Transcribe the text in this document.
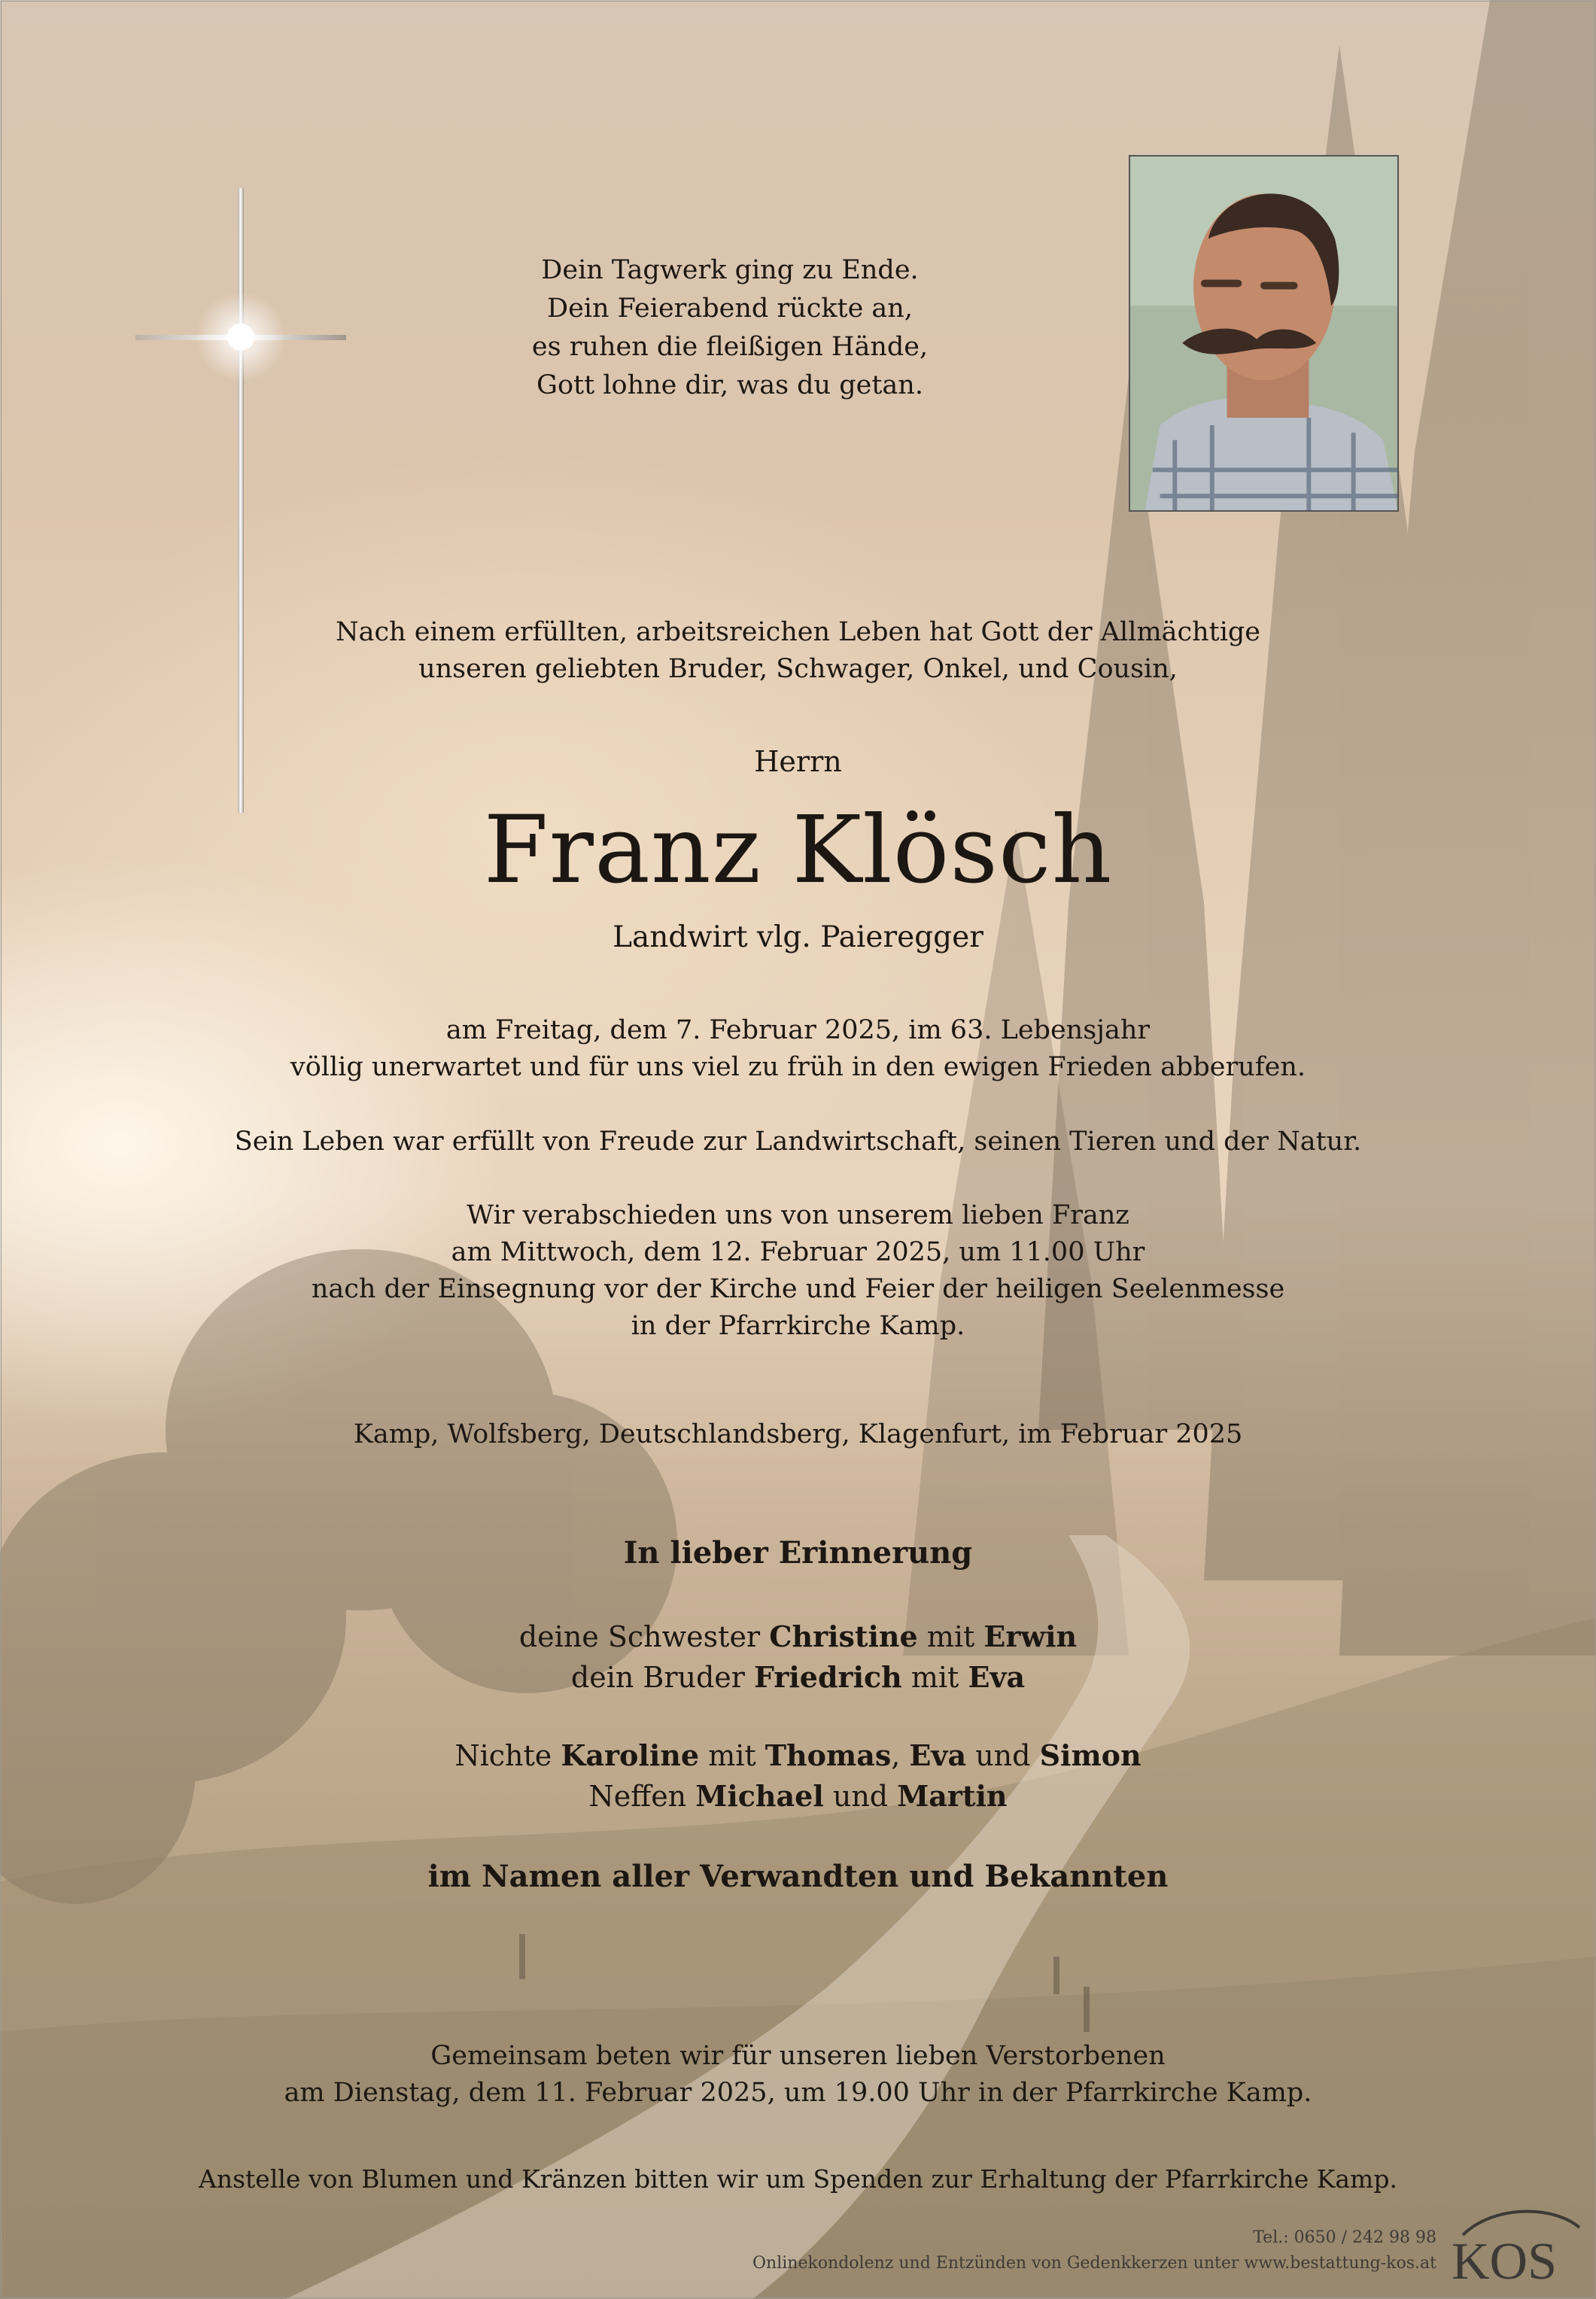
Dein Tagwerk ging zu Ende.
Dein Feierabend rückte an,
es ruhen die fleißigen Hände,
Gott lohne dir, was du getan.
Nach einem erfüllten, arbeitsreichen Leben hat Gott der Allmächtige
unseren geliebten Bruder, Schwager, Onkel, und Cousin,
Herrn
Franz Klösch
Landwirt vlg. Paieregger
am Freitag, dem 7. Februar 2025, im 63. Lebensjahr
völlig unerwartet und für uns viel zu früh in den ewigen Frieden abberufen.
Sein Leben war erfüllt von Freude zur Landwirtschaft, seinen Tieren und der Natur.
Wir verabschieden uns von unserem lieben Franz
am Mittwoch, dem 12. Februar 2025, um 11.00 Uhr
nach der Einsegnung vor der Kirche und Feier der heiligen Seelenmesse
in der Pfarrkirche Kamp.
Kamp, Wolfsberg, Deutschlandsberg, Klagenfurt, im Februar 2025
In lieber Erinnerung
deine Schwester Christine mit Erwin
dein Bruder Friedrich mit Eva
Nichte Karoline mit Thomas, Eva und Simon
Neffen Michael und Martin
im Namen aller Verwandten und Bekannten
Gemeinsam beten wir für unseren lieben Verstorbenen
am Dienstag, dem 11. Februar 2025, um 19.00 Uhr in der Pfarrkirche Kamp.
Anstelle von Blumen und Kränzen bitten wir um Spenden zur Erhaltung der Pfarrkirche Kamp.
Tel.: 0650 / 242 98 98
Onlinekondolenz und Entzünden von Gedenkkerzen unter www.bestattung-kos.at KOS
